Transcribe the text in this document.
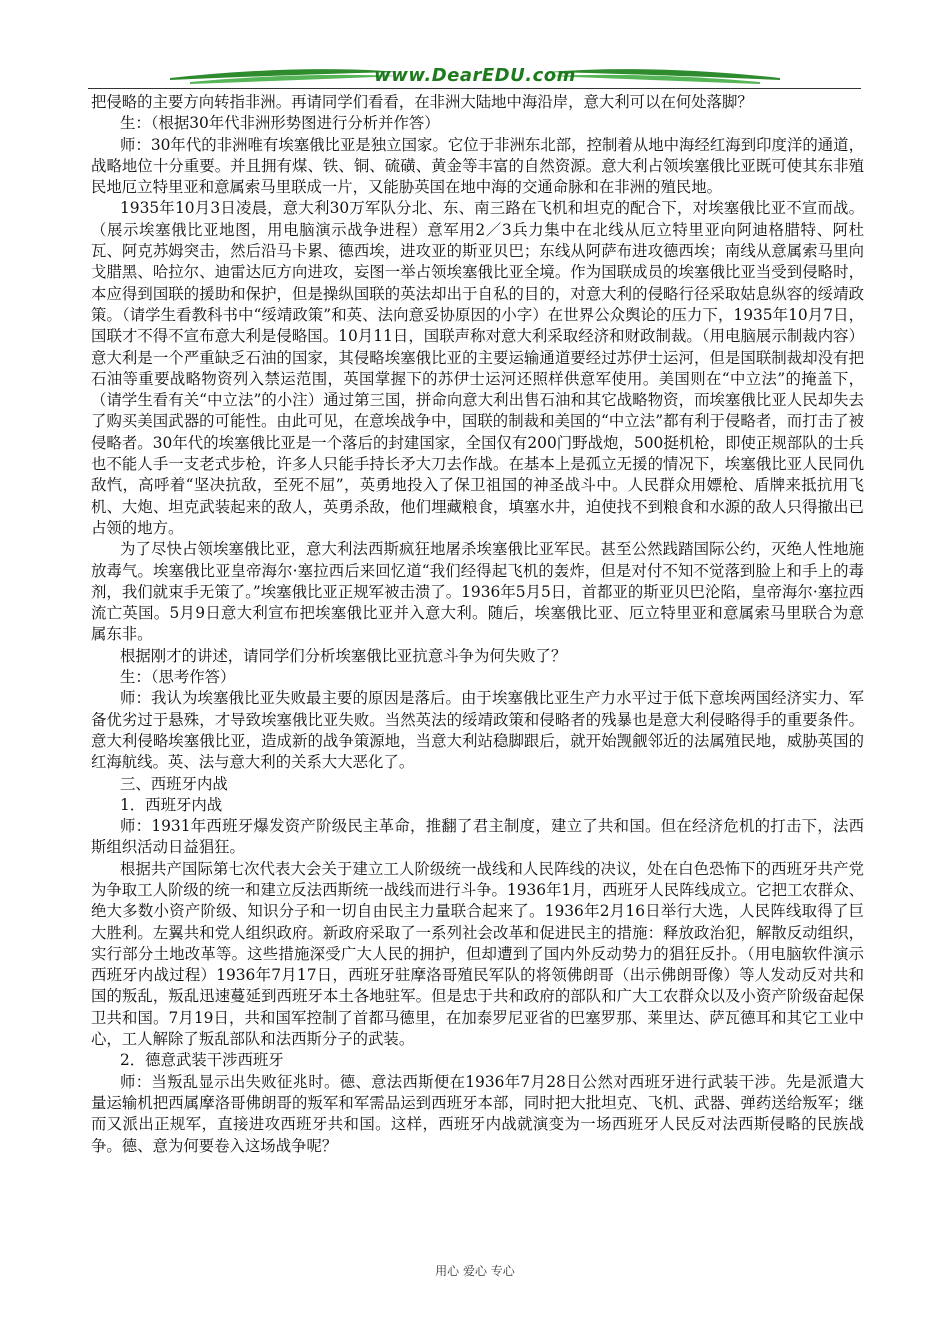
www.DearEDU.com

把侵略的主要方向转指非洲。再请同学们看看，在非洲大陆地中海沿岸，意大利可以在何处落脚？

生：（根据30年代非洲形势图进行分析并作答）

师：30年代的非洲唯有埃塞俄比亚是独立国家。它位于非洲东北部，控制着从地中海经红海到印度洋的通道，战略地位十分重要。并且拥有煤、铁、铜、硫磺、黄金等丰富的自然资源。意大利占领埃塞俄比亚既可使其东非殖民地厄立特里亚和意属索马里联成一片，又能胁英国在地中海的交通命脉和在非洲的殖民地。

1935年10月3日凌晨，意大利30万军队分北、东、南三路在飞机和坦克的配合下，对埃塞俄比亚不宣而战。（展示埃塞俄比亚地图，用电脑演示战争进程）意军用2／3兵力集中在北线从厄立特里亚向阿迪格腊特、阿杜瓦、阿克苏姆突击，然后沿马卡累、德西埃，进攻亚的斯亚贝巴；东线从阿萨布进攻德西埃；南线从意属索马里向戈腊黑、哈拉尔、迪雷达厄方向进攻，妄图一举占领埃塞俄比亚全境。作为国联成员的埃塞俄比亚当受到侵略时，本应得到国联的援助和保护，但是操纵国联的英法却出于自私的目的，对意大利的侵略行径采取姑息纵容的绥靖政策。（请学生看教科书中“绥靖政策”和英、法向意妥协原因的小字）在世界公众舆论的压力下，1935年10月7日，国联才不得不宣布意大利是侵略国。10月11日，国联声称对意大利采取经济和财政制裁。（用电脑展示制裁内容）意大利是一个严重缺乏石油的国家，其侵略埃塞俄比亚的主要运输通道要经过苏伊士运河，但是国联制裁却没有把石油等重要战略物资列入禁运范围，英国掌握下的苏伊士运河还照样供意军使用。美国则在“中立法”的掩盖下，（请学生看有关“中立法”的小注）通过第三国，拼命向意大利出售石油和其它战略物资，而埃塞俄比亚人民却失去了购买美国武器的可能性。由此可见，在意埃战争中，国联的制裁和美国的“中立法”都有利于侵略者，而打击了被侵略者。30年代的埃塞俄比亚是一个落后的封建国家，全国仅有200门野战炮，500挺机枪，即使正规部队的士兵也不能人手一支老式步枪，许多人只能手持长矛大刀去作战。在基本上是孤立无援的情况下，埃塞俄比亚人民同仇敌忾，高呼着“坚决抗敌，至死不屈”，英勇地投入了保卫祖国的神圣战斗中。人民群众用嫖枪、盾牌来抵抗用飞机、大炮、坦克武装起来的敌人，英勇杀敌，他们埋藏粮食，填塞水井，迫使找不到粮食和水源的敌人只得撤出已占领的地方。

为了尽快占领埃塞俄比亚，意大利法西斯疯狂地屠杀埃塞俄比亚军民。甚至公然践踏国际公约，灭绝人性地施放毒气。埃塞俄比亚皇帝海尔·塞拉西后来回忆道“我们经得起飞机的轰炸，但是对付不知不觉落到脸上和手上的毒剂，我们就束手无策了。”埃塞俄比亚正规军被击溃了。1936年5月5日，首都亚的斯亚贝巴沦陷，皇帝海尔·塞拉西流亡英国。5月9日意大利宣布把埃塞俄比亚并入意大利。随后，埃塞俄比亚、厄立特里亚和意属索马里联合为意属东非。

根据刚才的讲述，请同学们分析埃塞俄比亚抗意斗争为何失败了？

生：（思考作答）

师：我认为埃塞俄比亚失败最主要的原因是落后。由于埃塞俄比亚生产力水平过于低下意埃两国经济实力、军备优劣过于悬殊，才导致埃塞俄比亚失败。当然英法的绥靖政策和侵略者的残暴也是意大利侵略得手的重要条件。意大利侵略埃塞俄比亚，造成新的战争策源地，当意大利站稳脚跟后，就开始觊觎邻近的法属殖民地，威胁英国的红海航线。英、法与意大利的关系大大恶化了。

三、西班牙内战

1．西班牙内战

师：1931年西班牙爆发资产阶级民主革命，推翻了君主制度，建立了共和国。但在经济危机的打击下，法西斯组织活动日益猖狂。

根据共产国际第七次代表大会关于建立工人阶级统一战线和人民阵线的决议，处在白色恐怖下的西班牙共产党为争取工人阶级的统一和建立反法西斯统一战线而进行斗争。1936年1月，西班牙人民阵线成立。它把工农群众、绝大多数小资产阶级、知识分子和一切自由民主力量联合起来了。1936年2月16日举行大选，人民阵线取得了巨大胜利。左翼共和党人组织政府。新政府采取了一系列社会改革和促进民主的措施：释放政治犯，解散反动组织，实行部分土地改革等。这些措施深受广大人民的拥护，但却遭到了国内外反动势力的猖狂反扑。（用电脑软件演示西班牙内战过程）1936年7月17日，西班牙驻摩洛哥殖民军队的将领佛朗哥（出示佛朗哥像）等人发动反对共和国的叛乱，叛乱迅速蔓延到西班牙本土各地驻军。但是忠于共和政府的部队和广大工农群众以及小资产阶级奋起保卫共和国。7月19日，共和国军控制了首都马德里，在加泰罗尼亚省的巴塞罗那、莱里达、萨瓦德耳和其它工业中心，工人解除了叛乱部队和法西斯分子的武装。

2．德意武装干涉西班牙

师：当叛乱显示出失败征兆时。德、意法西斯便在1936年7月28日公然对西班牙进行武装干涉。先是派遣大量运输机把西属摩洛哥佛朗哥的叛军和军需品运到西班牙本部，同时把大批坦克、飞机、武器、弹药送给叛军；继而又派出正规军，直接进攻西班牙共和国。这样，西班牙内战就演变为一场西班牙人民反对法西斯侵略的民族战争。德、意为何要卷入这场战争呢？

用心 爱心 专心
